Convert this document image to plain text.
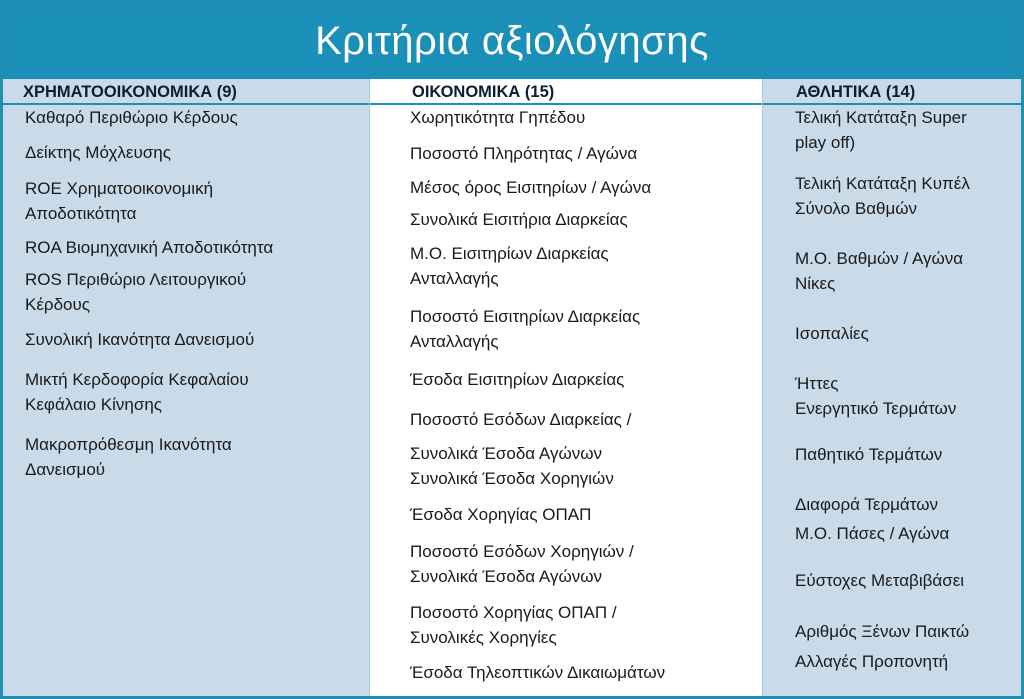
Κριτήρια αξιολόγησης
ΧΡΗΜΑΤΟΟΙΚΟΝΟΜΙΚΑ (9)
Καθαρό Περιθώριο Κέρδους
Δείκτης Μόχλευσης
ROE Χρηματοοικονομική
Αποδοτικότητα
ROA Βιομηχανική Αποδοτικότητα
ROS Περιθώριο Λειτουργικού
Κέρδους
Συνολική Ικανότητα Δανεισμού
Μικτή Κερδοφορία Κεφαλαίου
Κεφάλαιο Κίνησης
Μακροπρόθεσμη Ικανότητα
Δανεισμού
ΟΙΚΟΝΟΜΙΚΑ (15)
Χωρητικότητα Γηπέδου
Ποσοστό Πληρότητας / Αγώνα
Μέσος όρος Εισιτηρίων / Αγώνα
Συνολικά Εισιτήρια Διαρκείας
Μ.Ο. Εισιτηρίων Διαρκείας
Ανταλλαγής
Ποσοστό Εισιτηρίων Διαρκείας
Ανταλλαγής
Έσοδα Εισιτηρίων Διαρκείας
Ποσοστό Εσόδων Διαρκείας /
Συνολικά Έσοδα Αγώνων
Συνολικά Έσοδα Χορηγιών
Έσοδα Χορηγίας ΟΠΑΠ
Ποσοστό Εσόδων Χορηγιών /
Συνολικά Έσοδα Αγώνων
Ποσοστό Χορηγίας ΟΠΑΠ /
Συνολικές Χορηγίες
Έσοδα Τηλεοπτικών Δικαιωμάτων
ΑΘΛΗΤΙΚΑ (14)
Τελική Κατάταξη Super
play off)
Τελική Κατάταξη Κυπέλ
Σύνολο Βαθμών
Μ.Ο. Βαθμών / Αγώνα
Νίκες
Ισοπαλίες
Ήττες
Ενεργητικό Τερμάτων
Παθητικό Τερμάτων
Διαφορά Τερμάτων
Μ.Ο. Πάσες / Αγώνα
Εύστοχες Μεταβιβάσει
Αριθμός Ξένων Παικτώ
Αλλαγές Προπονητή
